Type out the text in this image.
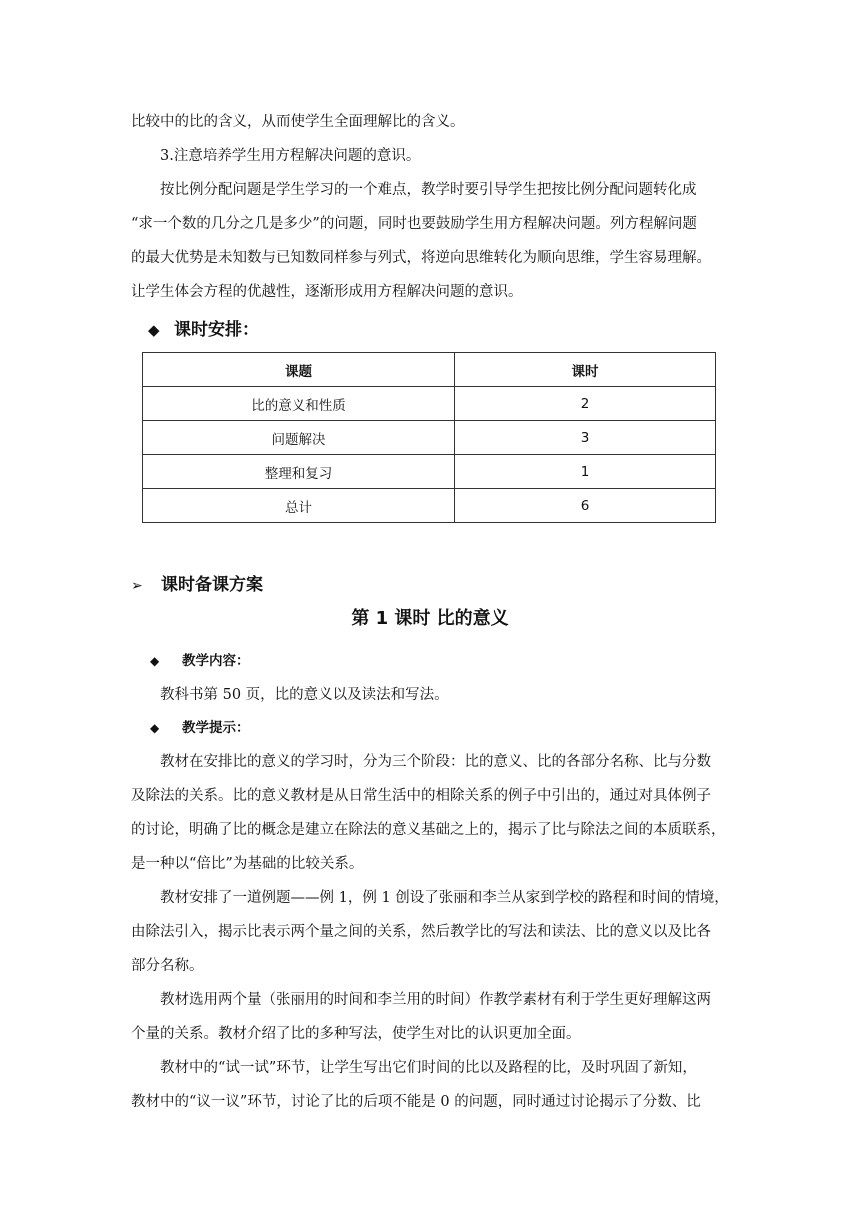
比较中的比的含义，从而使学生全面理解比的含义。
3.注意培养学生用方程解决问题的意识。
按比例分配问题是学生学习的一个难点，教学时要引导学生把按比例分配问题转化成
“求一个数的几分之几是多少”的问题，同时也要鼓励学生用方程解决问题。列方程解问题
的最大优势是未知数与已知数同样参与列式，将逆向思维转化为顺向思维，学生容易理解。
让学生体会方程的优越性，逐渐形成用方程解决问题的意识。
◆ 课时安排：
课题	课时
比的意义和性质	2
问题解决	3
整理和复习	1
总计	6
➢ 课时备课方案
第 1 课时 比的意义
◆ 教学内容：
教科书第 50 页，比的意义以及读法和写法。
◆ 教学提示：
教材在安排比的意义的学习时，分为三个阶段：比的意义、比的各部分名称、比与分数
及除法的关系。比的意义教材是从日常生活中的相除关系的例子中引出的，通过对具体例子
的讨论，明确了比的概念是建立在除法的意义基础之上的，揭示了比与除法之间的本质联系，
是一种以“倍比”为基础的比较关系。
教材安排了一道例题——例 1，例 1 创设了张丽和李兰从家到学校的路程和时间的情境，
由除法引入，揭示比表示两个量之间的关系，然后教学比的写法和读法、比的意义以及比各
部分名称。
教材选用两个量（张丽用的时间和李兰用的时间）作教学素材有利于学生更好理解这两
个量的关系。教材介绍了比的多种写法，使学生对比的认识更加全面。
教材中的“试一试”环节，让学生写出它们时间的比以及路程的比，及时巩固了新知，
教材中的“议一议”环节，讨论了比的后项不能是 0 的问题，同时通过讨论揭示了分数、比
